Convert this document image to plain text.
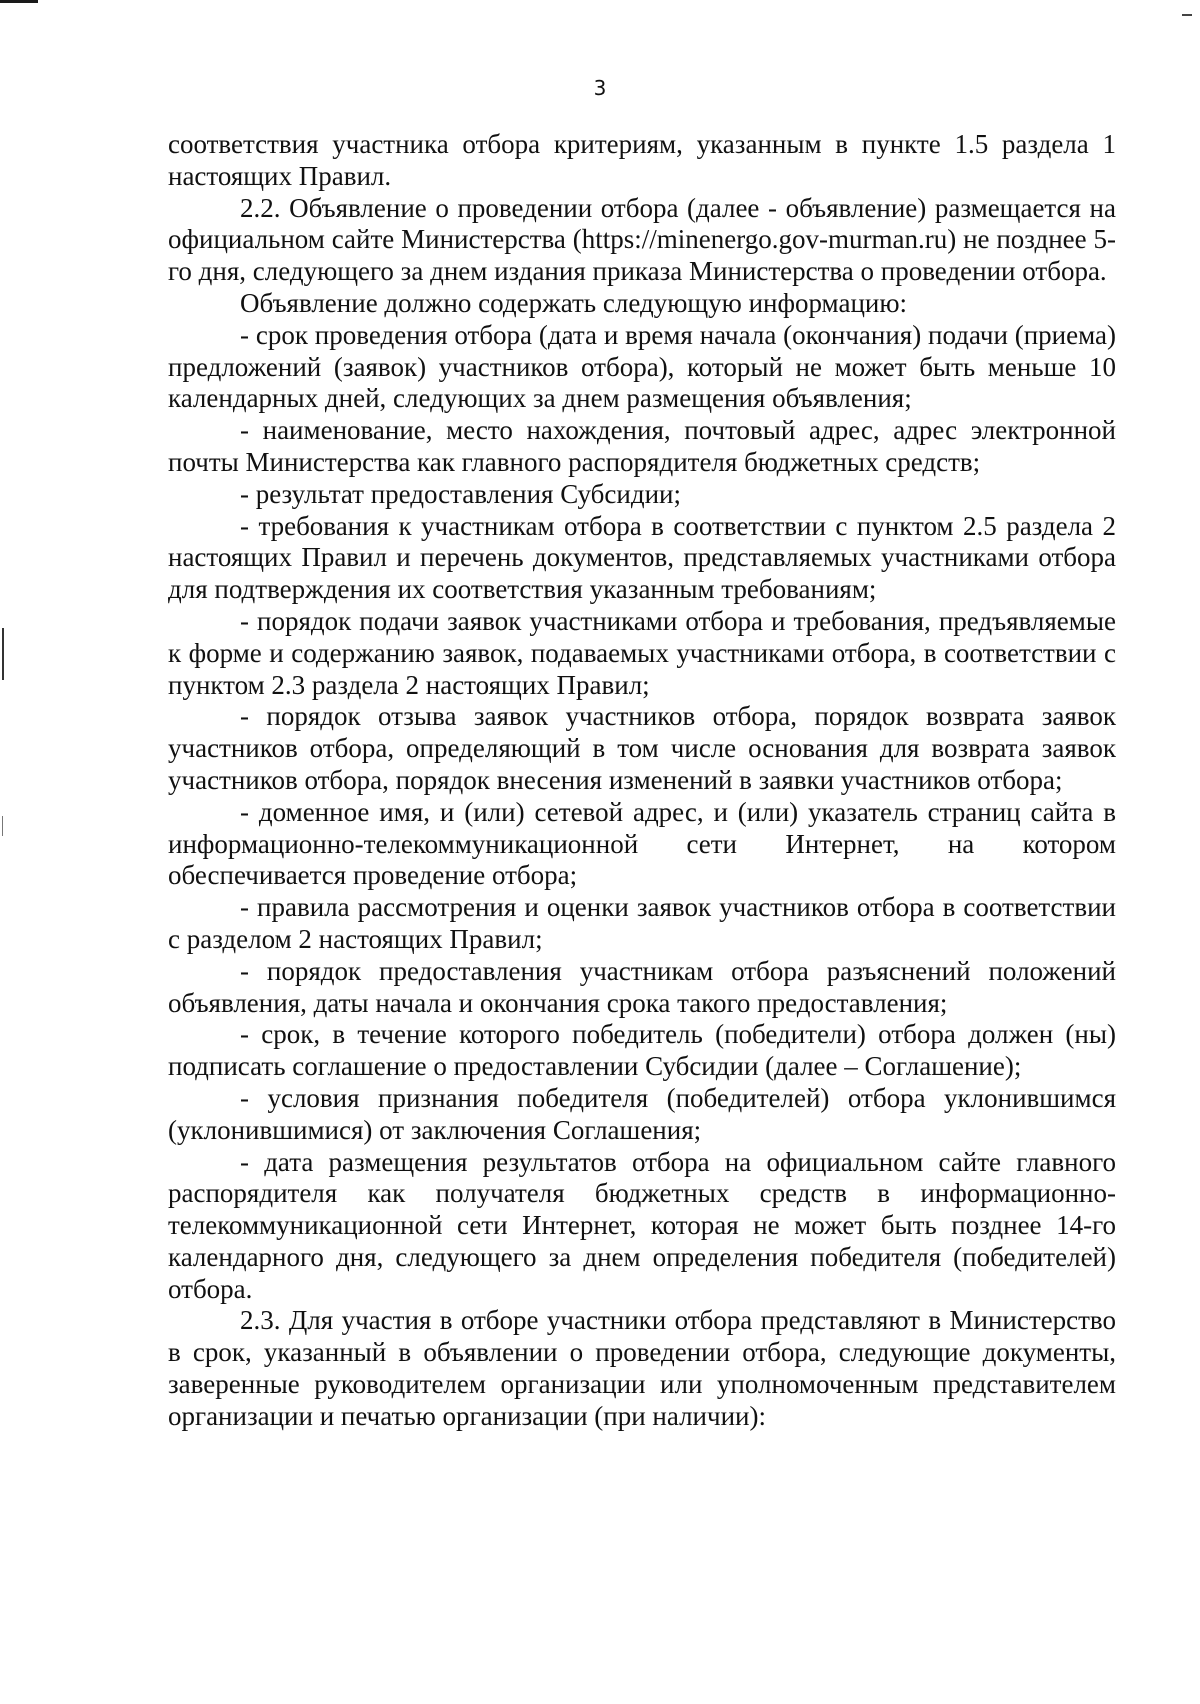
3

соответствия участника отбора критериям, указанным в пункте 1.5 раздела 1 настоящих Правил.

2.2. Объявление о проведении отбора (далее - объявление) размещается на официальном сайте Министерства (https://minenergo.gov-murman.ru) не позднее 5-го дня, следующего за днем издания приказа Министерства о проведении отбора.

Объявление должно содержать следующую информацию:

- срок проведения отбора (дата и время начала (окончания) подачи (приема) предложений (заявок) участников отбора), который не может быть меньше 10 календарных дней, следующих за днем размещения объявления;

- наименование, место нахождения, почтовый адрес, адрес электронной почты Министерства как главного распорядителя бюджетных средств;

- результат предоставления Субсидии;

- требования к участникам отбора в соответствии с пунктом 2.5 раздела 2 настоящих Правил и перечень документов, представляемых участниками отбора для подтверждения их соответствия указанным требованиям;

- порядок подачи заявок участниками отбора и требования, предъявляемые к форме и содержанию заявок, подаваемых участниками отбора, в соответствии с пунктом 2.3 раздела 2 настоящих Правил;

- порядок отзыва заявок участников отбора, порядок возврата заявок участников отбора, определяющий в том числе основания для возврата заявок участников отбора, порядок внесения изменений в заявки участников отбора;

- доменное имя, и (или) сетевой адрес, и (или) указатель страниц сайта в информационно-телекоммуникационной сети Интернет, на котором обеспечивается проведение отбора;

- правила рассмотрения и оценки заявок участников отбора в соответствии с разделом 2 настоящих Правил;

- порядок предоставления участникам отбора разъяснений положений объявления, даты начала и окончания срока такого предоставления;

- срок, в течение которого победитель (победители) отбора должен (ны) подписать соглашение о предоставлении Субсидии (далее – Соглашение);

- условия признания победителя (победителей) отбора уклонившимся (уклонившимися) от заключения Соглашения;

- дата размещения результатов отбора на официальном сайте главного распорядителя как получателя бюджетных средств в информационно-телекоммуникационной сети Интернет, которая не может быть позднее 14-го календарного дня, следующего за днем определения победителя (победителей) отбора.

2.3. Для участия в отборе участники отбора представляют в Министерство в срок, указанный в объявлении о проведении отбора, следующие документы, заверенные руководителем организации или уполномоченным представителем организации и печатью организации (при наличии):
